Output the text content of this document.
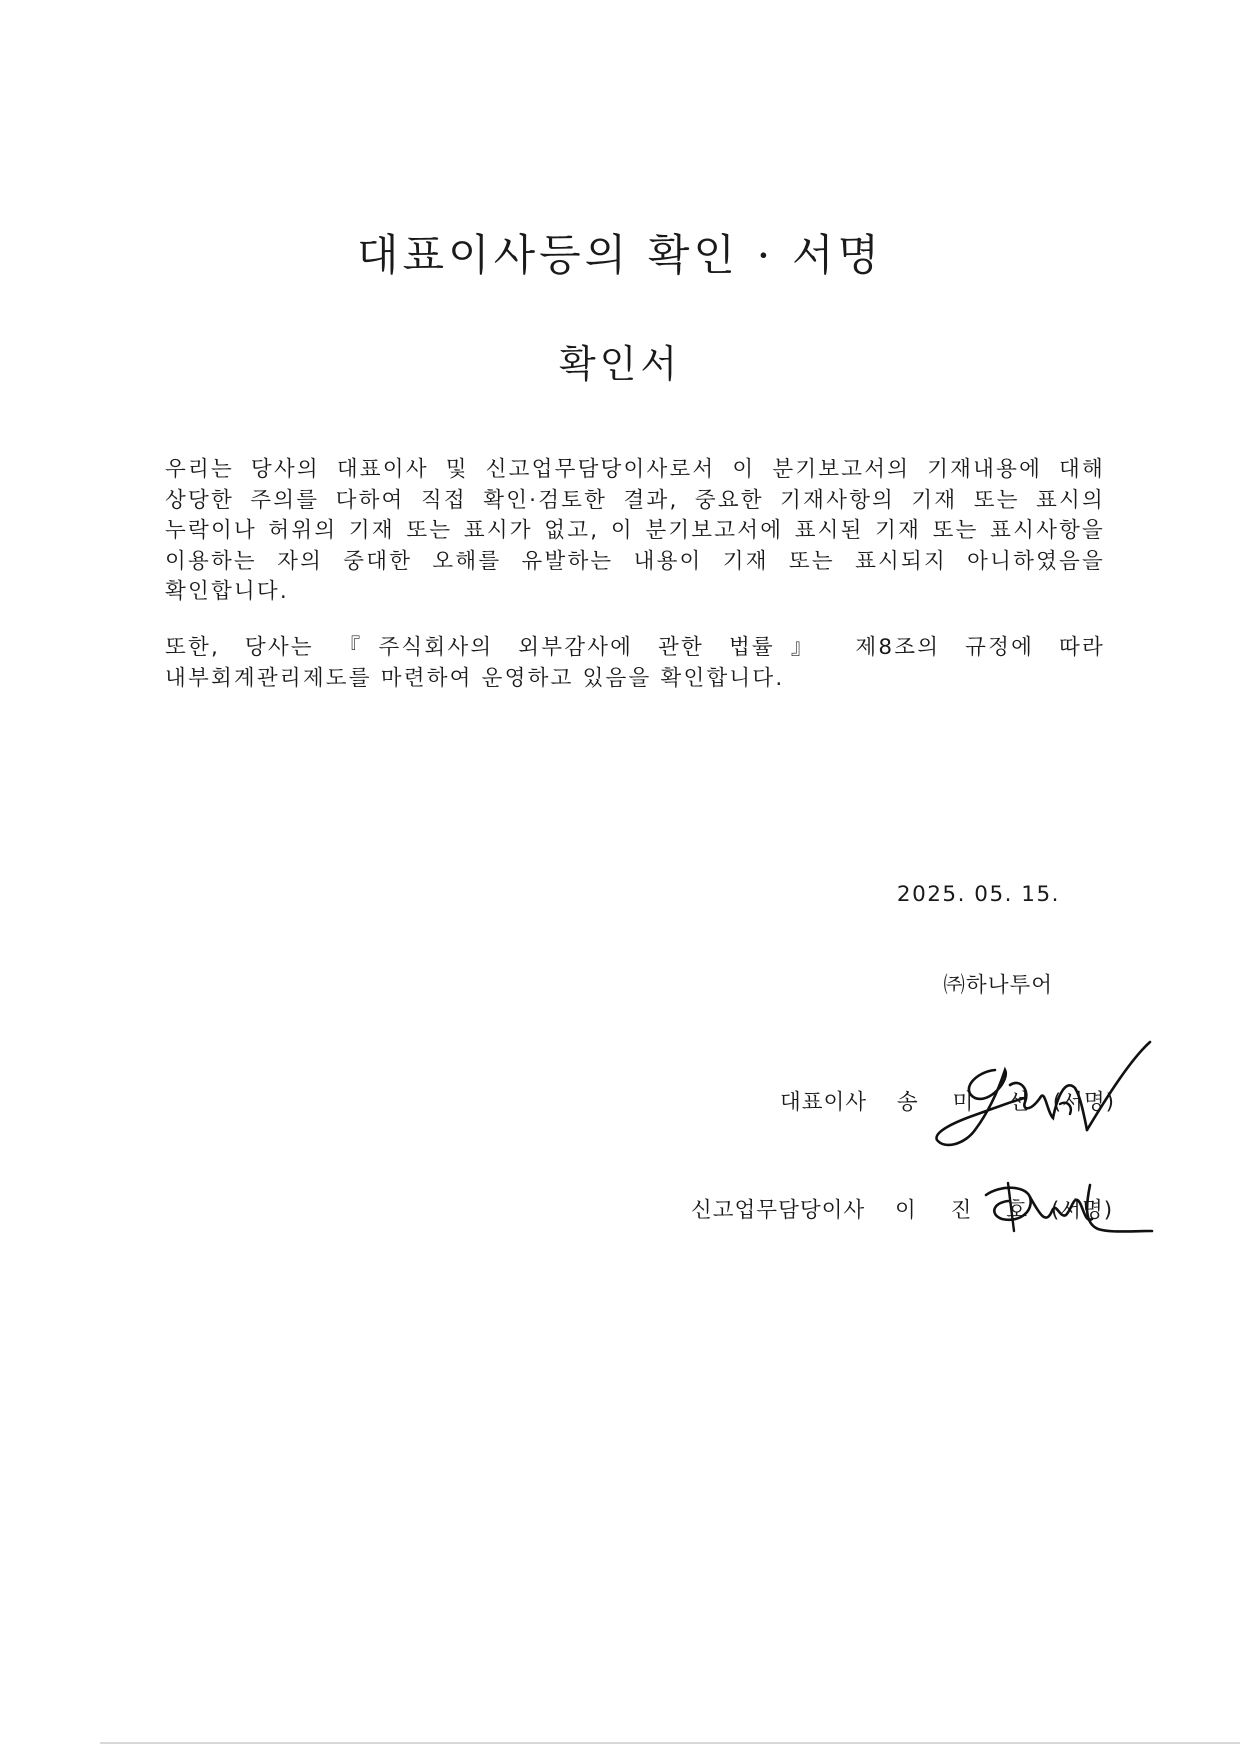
대표이사등의 확인 · 서명
확인서

우리는 당사의 대표이사 및 신고업무담당이사로서 이 분기보고서의 기재내용에 대해 상당한 주의를 다하여 직접 확인·검토한 결과, 중요한 기재사항의 기재 또는 표시의 누락이나 허위의 기재 또는 표시가 없고, 이 분기보고서에 표시된 기재 또는 표시사항을 이용하는 자의 중대한 오해를 유발하는 내용이 기재 또는 표시되지 아니하였음을 확인합니다.

또한, 당사는 『주식회사의 외부감사에 관한 법률』 제8조의 규정에 따라 내부회계관리제도를 마련하여 운영하고 있음을 확인합니다.

2025. 05. 15.
㈜하나투어
대표이사 송 미 선 (서명)
신고업무담당이사 이 진 호 (서명)
